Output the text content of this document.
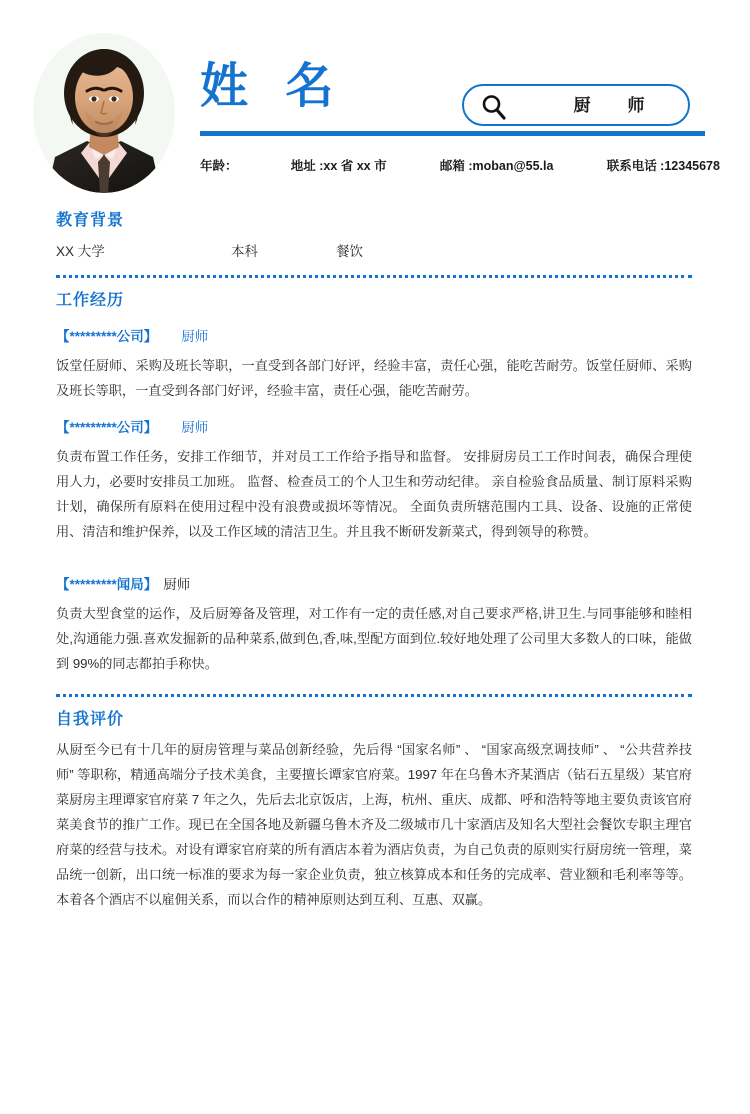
姓 名	厨　师
年龄：	地址 :xx 省 xx 市	邮箱 :moban@55.la	联系电话 :12345678
教育背景
XX 大学	本科	餐饮
工作经历
【*********公司】 厨师
饭堂任厨师、采购及班长等职，一直受到各部门好评，经验丰富，责任心强，能吃苦耐劳。饭堂任厨师、采购及班长等职，一直受到各部门好评，经验丰富，责任心强，能吃苦耐劳。
【*********公司】 厨师
负责布置工作任务，安排工作细节，并对员工工作给予指导和监督。 安排厨房员工工作时间表，确保合理使用人力，必要时安排员工加班。 监督、检查员工的个人卫生和劳动纪律。 亲自检验食品质量、制订原料采购计划，确保所有原料在使用过程中没有浪费或损坏等情况。 全面负责所辖范围内工具、设备、设施的正常使用、清洁和维护保养，以及工作区域的清洁卫生。并且我不断研发新菜式，得到领导的称赞。
【*********闻局】 厨师
负责大型食堂的运作，及后厨筹备及管理，对工作有一定的责任感,对自己要求严格,讲卫生.与同事能够和睦相处,沟通能力强.喜欢发掘新的品种菜系,做到色,香,味,型配方面到位.较好地处理了公司里大多数人的口味，能做到 99%的同志都拍手称快。
自我评价
从厨至今已有十几年的厨房管理与菜品创新经验，先后得 “国家名师” 、 “国家高级烹调技师” 、 “公共营养技师” 等职称，精通高端分子技术美食，主要擅长谭家官府菜。1997 年在乌鲁木齐某酒店（钻石五星级）某官府菜厨房主理谭家官府菜 7 年之久，先后去北京饭店，上海，杭州、重庆、成都、呼和浩特等地主要负责该官府菜美食节的推广工作。现已在全国各地及新疆乌鲁木齐及二级城市几十家酒店及知名大型社会餐饮专职主理官府菜的经营与技术。对设有谭家官府菜的所有酒店本着为酒店负责，为自己负责的原则实行厨房统一管理，菜品统一创新，出口统一标准的要求为每一家企业负责，独立核算成本和任务的完成率、营业额和毛利率等等。本着各个酒店不以雇佣关系，而以合作的精神原则达到互利、互惠、双赢。
